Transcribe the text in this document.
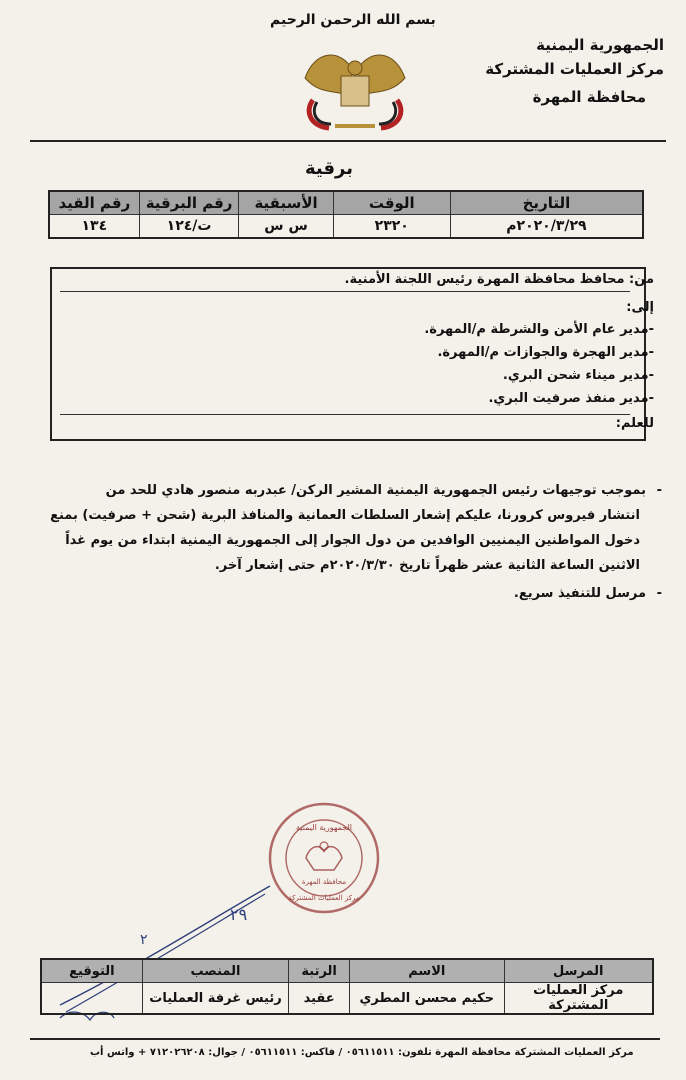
بسم الله الرحمن الرحيم
الجمهورية اليمنية
مركز العمليات المشتركة
محافظة المهرة
برقية
التاريخ	الوقت	الأسبقية	رقم البرقية	رقم القيد
٢٠٢٠/٣/٢٩م	٢٣٢٠	س س	ت/١٢٤	١٣٤
من: محافظ محافظة المهرة رئيس اللجنة الأمنية.
إلى:
-مدير عام الأمن والشرطة م/المهرة.
-مدير الهجرة والجوازات م/المهرة.
-مدير ميناء شحن البري.
-مدير منفذ صرفيت البري.
للعلم:
-
بموجب توجيهات رئيس الجمهورية اليمنية المشير الركن/ عبدربه منصور هادي للحد من
انتشار فيروس كرورنا، عليكم إشعار السلطات العمانية والمنافذ البرية (شحن + صرفيت) بمنع
دخول المواطنين اليمنيين الوافدين من دول الجوار إلى الجمهورية اليمنية ابتداء من يوم غداً
الاثنين الساعة الثانية عشر ظهراً تاريخ ٢٠٢٠/٣/٣٠م حتى إشعار آخر.
-
مرسل للتنفيذ سريع.
الجمهورية اليمنية
محافظة المهرة
مركز العمليات المشتركة
٢٩
٢
المرسل	الاسم	الرتبة	المنصب	التوقيع
مركز العمليات المشتركة	حكيم محسن المطري	عقيد	رئيس غرفة العمليات	
مركز العمليات المشتركة محافظة المهرة تلفون: ٠٥٦١١٥١١ / فاكس: ٠٥٦١١٥١١ / جوال: ٧١٢٠٢٦٢٠٨ + واتس أب
